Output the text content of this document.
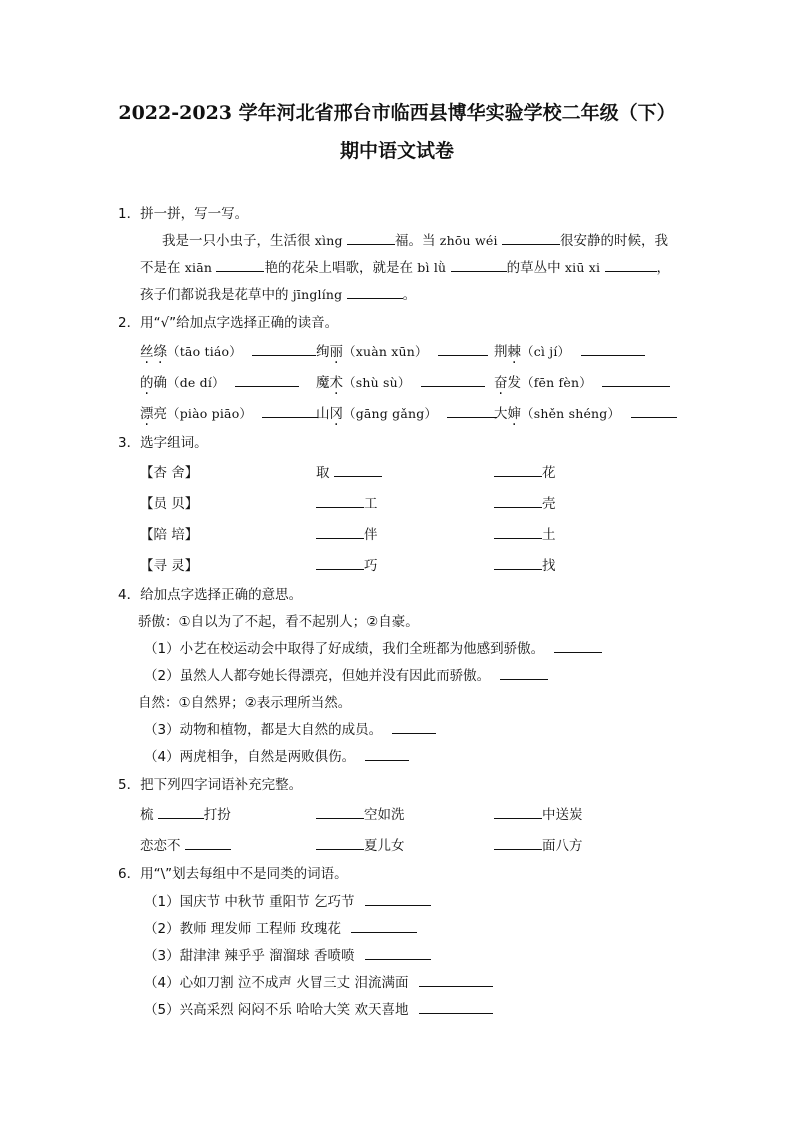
2022-2023 学年河北省邢台市临西县博华实验学校二年级（下）
期中语文试卷
1．拼一拼，写一写。
我是一只小虫子，生活很 xìng	福。当 zhōu wéi	很安静的时候，我
不是在 xiān	艳的花朵上唱歌，就是在 bì lǜ	的草丛中 xiū xi	，
孩子们都说我是花草中的 jīnglíng	。
2．用“√”给加点字选择正确的读音。
丝绦（tāo tiáo）	绚丽（xuàn xūn）	荆棘（cì jí）
的确（de dí）	魔术（shù sù）	奋发（fēn fèn）
漂亮（piào piāo）	山冈（gāng gǎng）	大婶（shěn shéng）
3．选字组词。
【杏 舍】	取	花
【员 贝】	工	壳
【陪 培】	伴	土
【寻 灵】	巧	找
4．给加点字选择正确的意思。
骄傲：①自以为了不起，看不起别人；②自豪。
（1）小艺在校运动会中取得了好成绩，我们全班都为他感到骄傲。
（2）虽然人人都夸她长得漂亮，但她并没有因此而骄傲。
自然：①自然界；②表示理所当然。
（3）动物和植物，都是大自然的成员。
（4）两虎相争，自然是两败俱伤。
5．把下列四字词语补充完整。
梳	打扮	空如洗	中送炭
恋恋不	夏儿女	面八方
6．用“\”划去每组中不是同类的词语。
（1）国庆节 中秋节 重阳节 乞巧节
（2）教师 理发师 工程师 玫瑰花
（3）甜津津 辣乎乎 溜溜球 香喷喷
（4）心如刀割 泣不成声 火冒三丈 泪流满面
（5）兴高采烈 闷闷不乐 哈哈大笑 欢天喜地
